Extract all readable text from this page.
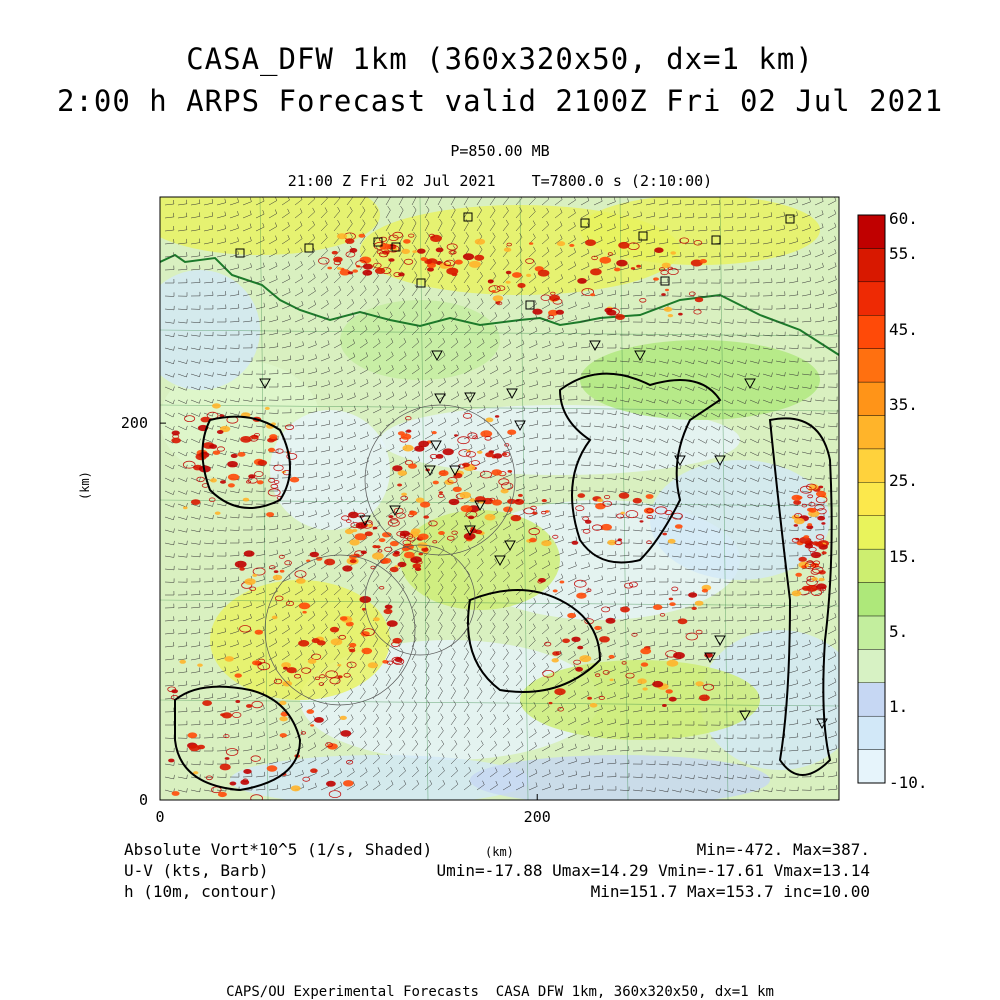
0	200
0
200
-10.
1.
5.
15.
25.
35.
45.
55.
60.
CASA_DFW 1km (360x320x50, dx=1 km)
2:00 h ARPS Forecast valid 2100Z Fri 02 Jul 2021
P=850.00 MB
21:00 Z Fri 02 Jul 2021    T=7800.0 s (2:10:00)
(km)
Absolute Vort*10^5 (1/s, Shaded)
U-V (kts, Barb)
h (10m, contour)
(km)	Min=-472. Max=387.
Umin=-17.88 Umax=14.29 Vmin=-17.61 Vmax=13.14
Min=151.7 Max=153.7 inc=10.00
CAPS/OU Experimental Forecasts  CASA DFW 1km, 360x320x50, dx=1 km
